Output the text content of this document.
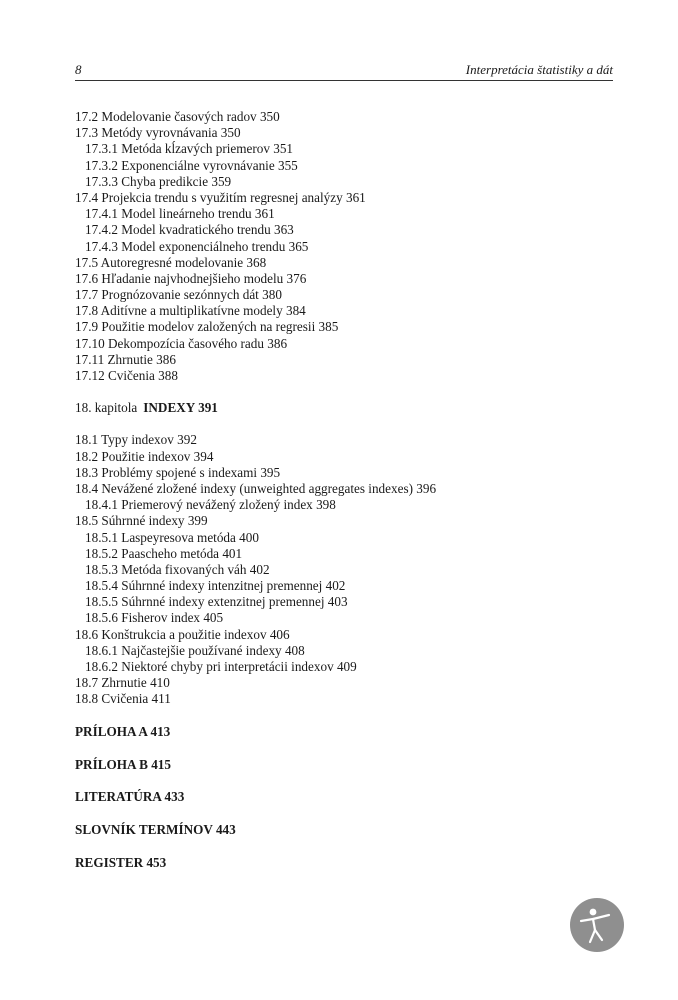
8	Interpretácia štatistiky a dát
17.2 Modelovanie časových radov 350
17.3 Metódy vyrovnávania 350
17.3.1 Metóda kĺzavých priemerov 351
17.3.2 Exponenciálne vyrovnávanie 355
17.3.3 Chyba predikcie 359
17.4 Projekcia trendu s využitím regresnej analýzy 361
17.4.1 Model lineárneho trendu 361
17.4.2 Model kvadratického trendu 363
17.4.3 Model exponenciálneho trendu 365
17.5 Autoregresné modelovanie 368
17.6 Hľadanie najvhodnejšieho modelu 376
17.7 Prognózovanie sezónnych dát 380
17.8 Aditívne a multiplikatívne modely 384
17.9 Použitie modelov založených na regresii 385
17.10 Dekompozícia časového radu 386
17.11 Zhrnutie 386
17.12 Cvičenia 388
18. kapitola INDEXY 391
18.1 Typy indexov 392
18.2 Použitie indexov 394
18.3 Problémy spojené s indexami 395
18.4 Nevážené zložené indexy (unweighted aggregates indexes) 396
18.4.1 Priemerový nevážený zložený index 398
18.5 Súhrnné indexy 399
18.5.1 Laspeyresova metóda 400
18.5.2 Paascheho metóda 401
18.5.3 Metóda fixovaných váh 402
18.5.4 Súhrnné indexy intenzitnej premennej 402
18.5.5 Súhrnné indexy extenzitnej premennej 403
18.5.6 Fisherov index 405
18.6 Konštrukcia a použitie indexov 406
18.6.1 Najčastejšie používané indexy 408
18.6.2 Niektoré chyby pri interpretácii indexov 409
18.7 Zhrnutie 410
18.8 Cvičenia 411
PRÍLOHA A 413
PRÍLOHA B 415
LITERATÚRA 433
SLOVNÍK TERMÍNOV 443
REGISTER 453
